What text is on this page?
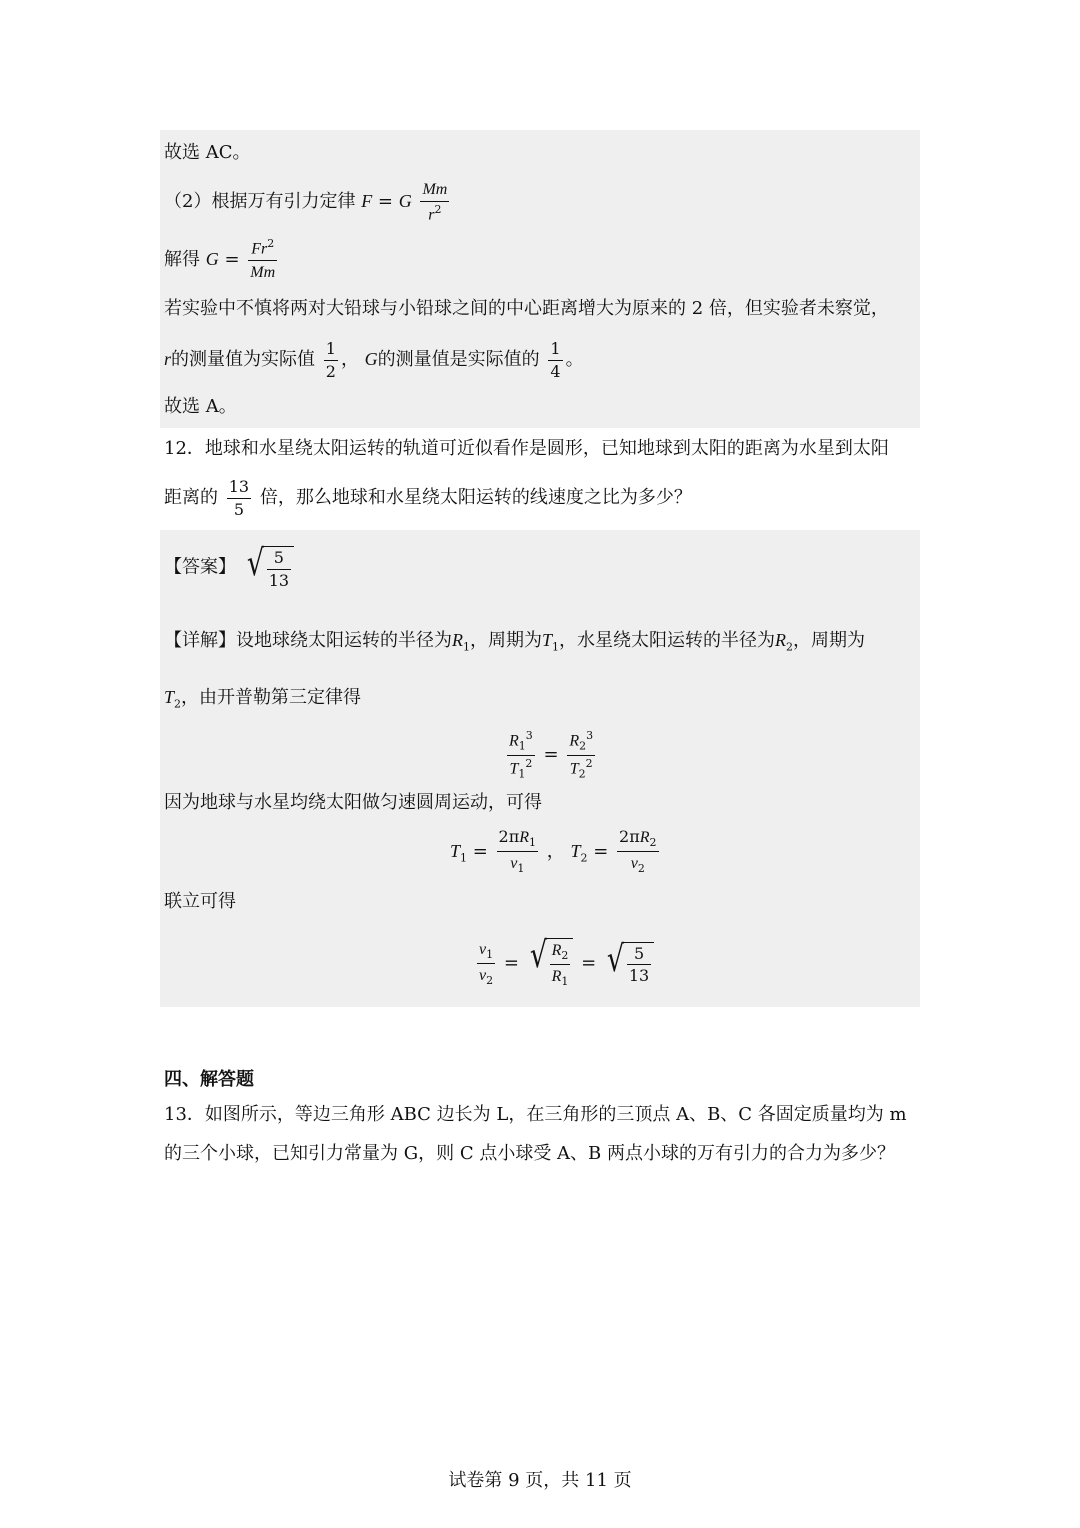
故选 AC。
（2）根据万有引力定律 F = G $\frac{Mm}{r^2}$
解得 $G = \frac{Fr^2}{Mm}$
若实验中不慎将两对大铅球与小铅球之间的中心距离增大为原来的 2 倍，但实验者未察觉，
r的测量值为实际值 $\frac{1}{2}$ ， G的测量值是实际值的 $\frac{1}{4}$ 。
故选 A。
12．地球和水星绕太阳运转的轨道可近似看作是圆形，已知地球到太阳的距离为水星到太阳
距离的 $\frac{13}{5}$ 倍，那么地球和水星绕太阳运转的线速度之比为多少？
【答案】 √ $\frac{5}{13}$
【详解】设地球绕太阳运转的半径为$R_1$，周期为$T_1$，水星绕太阳运转的半径为$R_2$，周期为
$T_2$，由开普勒第三定律得
$\frac{R_1^3}{T_1^2} = \frac{R_2^3}{T_2^2}$
因为地球与水星均绕太阳做匀速圆周运动，可得
$T_1 = \frac{2\pi R_1}{v_1}$ ， $T_2 = \frac{2\pi R_2}{v_2}$
联立可得
$\frac{v_1}{v_2}$ = √ $\frac{R_2}{R_1}$ = √ $\frac{5}{13}$
四、解答题
13．如图所示，等边三角形 ABC 边长为 L，在三角形的三顶点 A、B、C 各固定质量均为 m
的三个小球，已知引力常量为 G，则 C 点小球受 A、B 两点小球的万有引力的合力为多少？
试卷第 9 页，共 11 页
